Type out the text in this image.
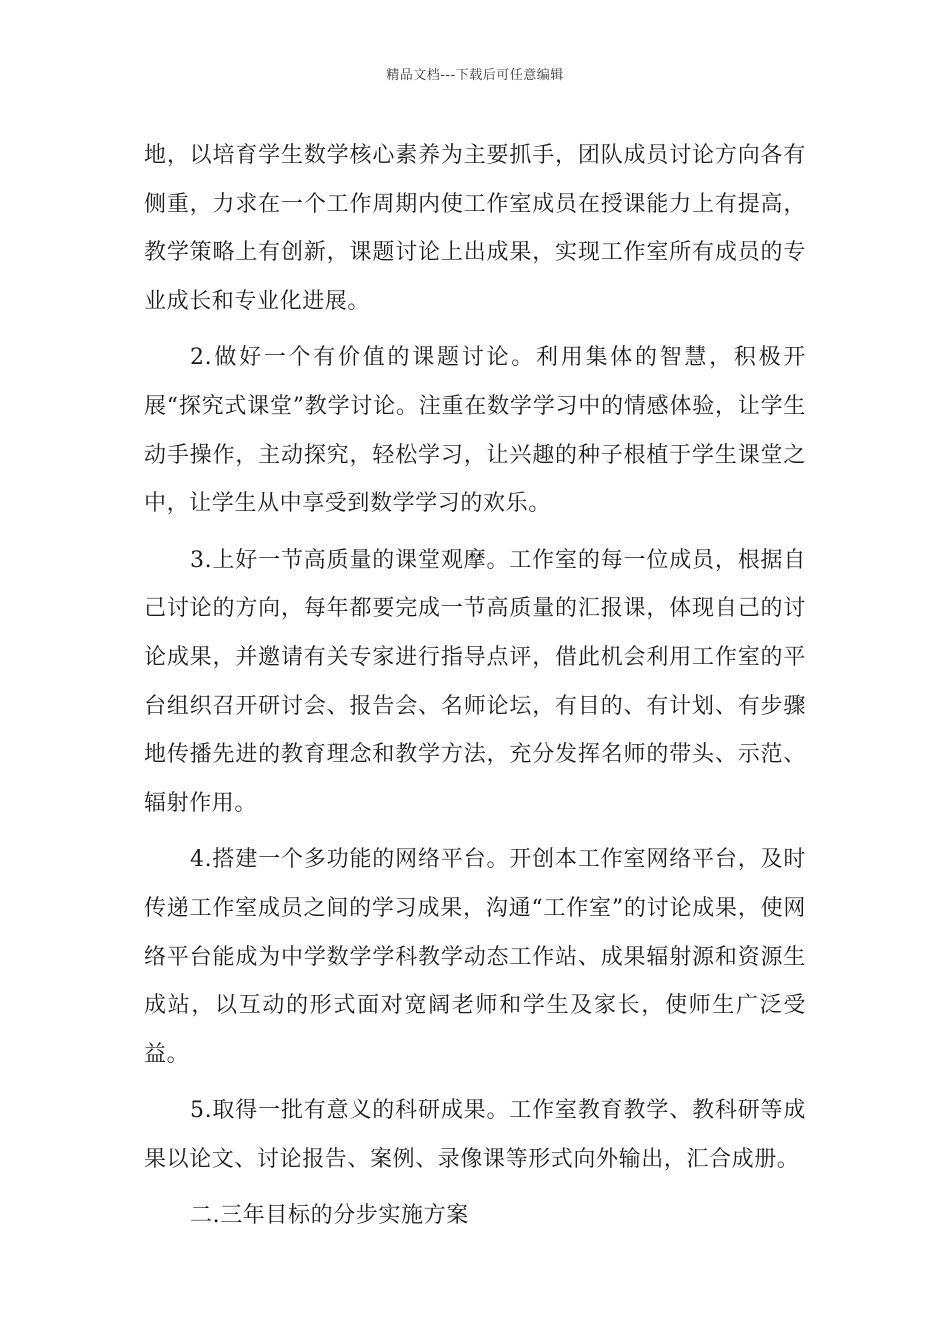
精品文档---下载后可任意编辑

地，以培育学生数学核心素养为主要抓手，团队成员讨论方向各有侧重，力求在一个工作周期内使工作室成员在授课能力上有提高，教学策略上有创新，课题讨论上出成果，实现工作室所有成员的专业成长和专业化进展。

2.做好一个有价值的课题讨论。利用集体的智慧，积极开展“探究式课堂”教学讨论。注重在数学学习中的情感体验，让学生动手操作，主动探究，轻松学习，让兴趣的种子根植于学生课堂之中，让学生从中享受到数学学习的欢乐。

3.上好一节高质量的课堂观摩。工作室的每一位成员，根据自己讨论的方向，每年都要完成一节高质量的汇报课，体现自己的讨论成果，并邀请有关专家进行指导点评，借此机会利用工作室的平台组织召开研讨会、报告会、名师论坛，有目的、有计划、有步骤地传播先进的教育理念和教学方法，充分发挥名师的带头、示范、辐射作用。

4.搭建一个多功能的网络平台。开创本工作室网络平台，及时传递工作室成员之间的学习成果，沟通“工作室”的讨论成果，使网络平台能成为中学数学学科教学动态工作站、成果辐射源和资源生成站，以互动的形式面对宽阔老师和学生及家长，使师生广泛受益。

5.取得一批有意义的科研成果。工作室教育教学、教科研等成果以论文、讨论报告、案例、录像课等形式向外输出，汇合成册。

二.三年目标的分步实施方案
